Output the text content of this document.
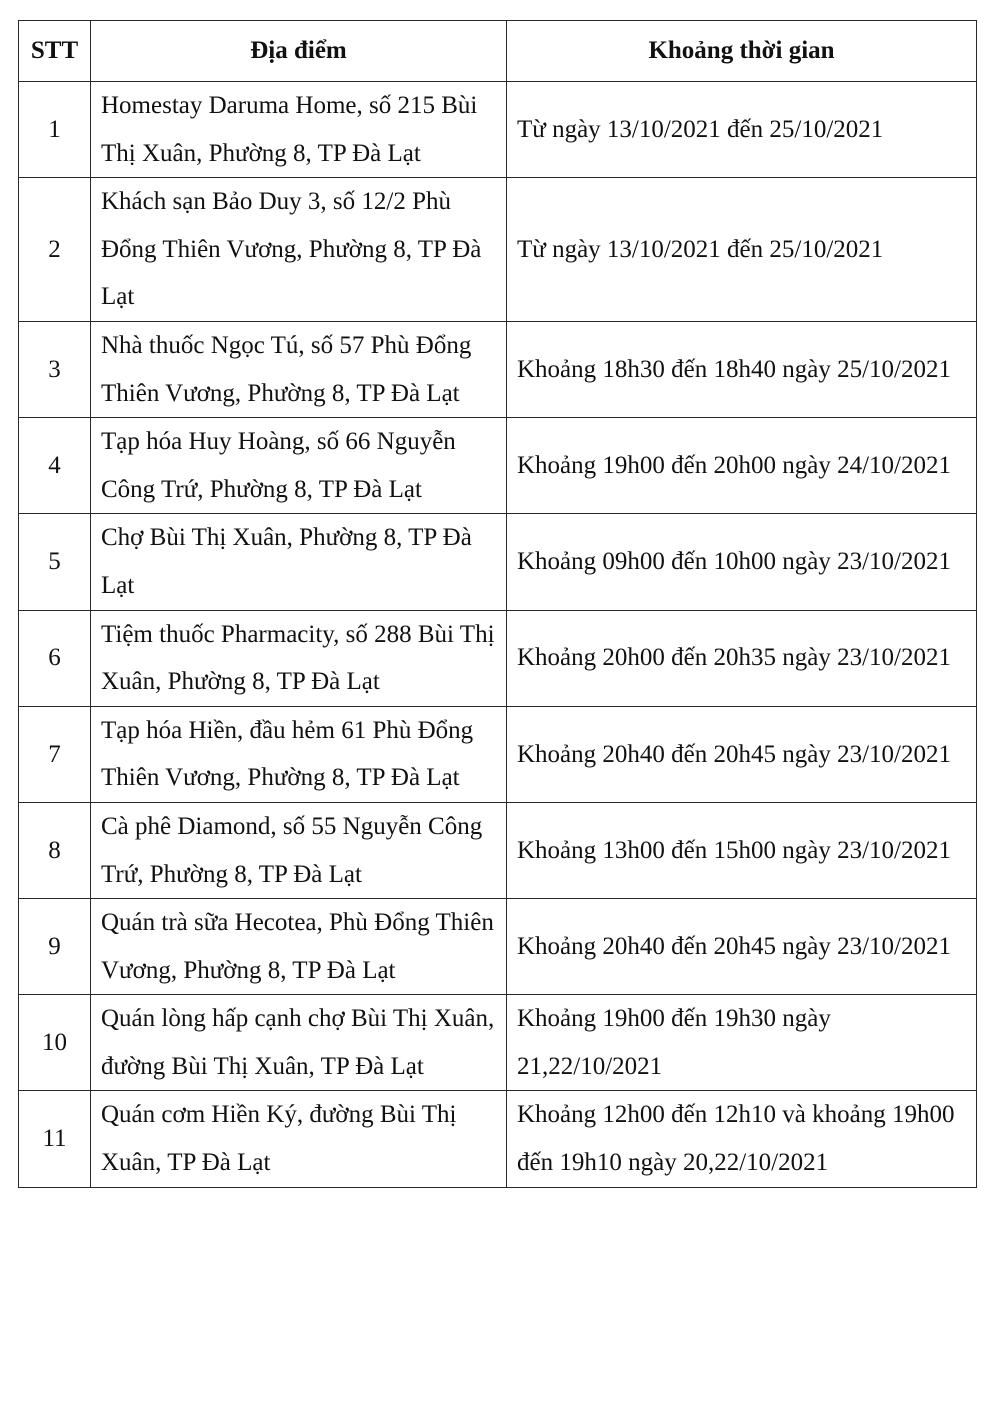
STT	Địa điểm	Khoảng thời gian
1	Homestay Daruma Home, số 215 Bùi Thị Xuân, Phường 8, TP Đà Lạt	Từ ngày 13/10/2021 đến 25/10/2021
2	Khách sạn Bảo Duy 3, số 12/2 Phù Đổng Thiên Vương, Phường 8, TP Đà Lạt	Từ ngày 13/10/2021 đến 25/10/2021
3	Nhà thuốc Ngọc Tú, số 57 Phù Đổng Thiên Vương, Phường 8, TP Đà Lạt	Khoảng 18h30 đến 18h40 ngày 25/10/2021
4	Tạp hóa Huy Hoàng, số 66 Nguyễn Công Trứ, Phường 8, TP Đà Lạt	Khoảng 19h00 đến 20h00 ngày 24/10/2021
5	Chợ Bùi Thị Xuân, Phường 8, TP Đà Lạt	Khoảng 09h00 đến 10h00 ngày 23/10/2021
6	Tiệm thuốc Pharmacity, số 288 Bùi Thị Xuân, Phường 8, TP Đà Lạt	Khoảng 20h00 đến 20h35 ngày 23/10/2021
7	Tạp hóa Hiền, đầu hẻm 61 Phù Đổng Thiên Vương, Phường 8, TP Đà Lạt	Khoảng 20h40 đến 20h45 ngày 23/10/2021
8	Cà phê Diamond, số 55 Nguyễn Công Trứ, Phường 8, TP Đà Lạt	Khoảng 13h00 đến 15h00 ngày 23/10/2021
9	Quán trà sữa Hecotea, Phù Đổng Thiên Vương, Phường 8, TP Đà Lạt	Khoảng 20h40 đến 20h45 ngày 23/10/2021
10	Quán lòng hấp cạnh chợ Bùi Thị Xuân, đường Bùi Thị Xuân, TP Đà Lạt	Khoảng 19h00 đến 19h30 ngày 21,22/10/2021
11	Quán cơm Hiền Ký, đường Bùi Thị Xuân, TP Đà Lạt	Khoảng 12h00 đến 12h10 và khoảng 19h00 đến 19h10 ngày 20,22/10/2021
